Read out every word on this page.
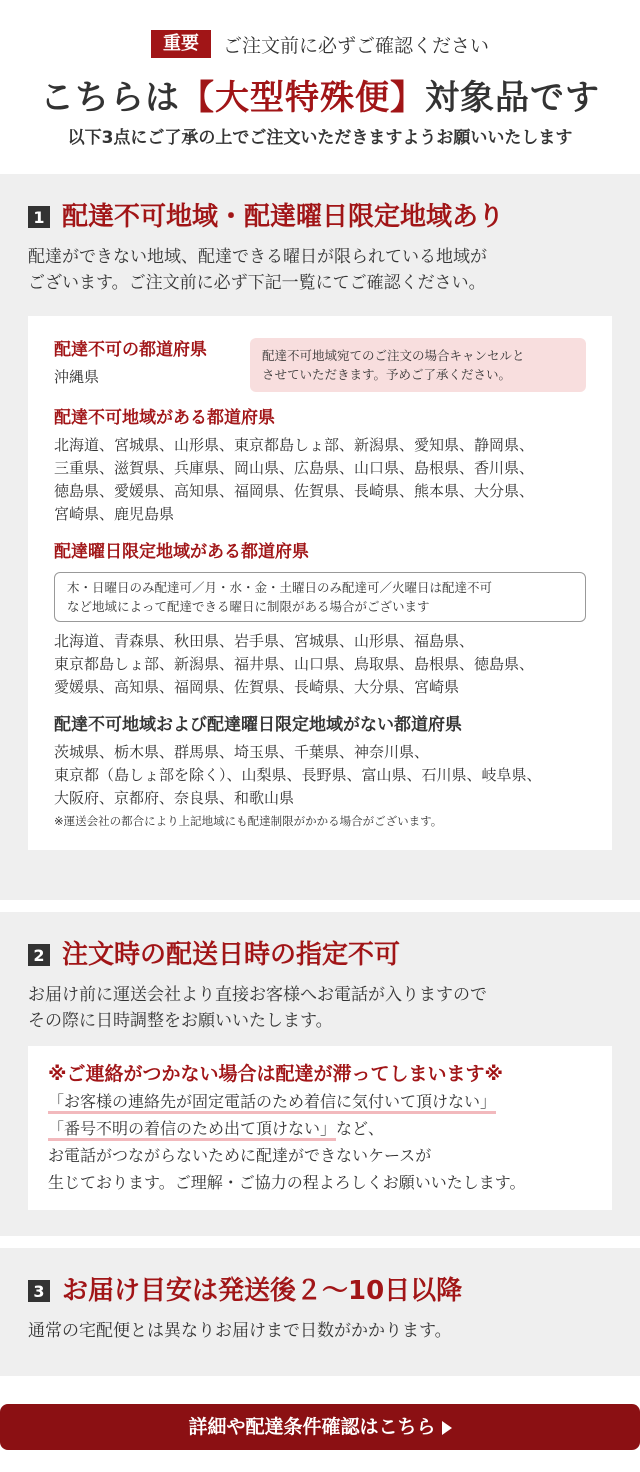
重要	ご注文前に必ずご確認ください
こちらは【大型特殊便】対象品です
以下3点にご了承の上でご注文いただきますようお願いいたします
1 配達不可地域・配達曜日限定地域あり
配達ができない地域、配達できる曜日が限られている地域が
ございます。ご注文前に必ず下記一覧にてご確認ください。
配達不可の都道府県
沖縄県
配達不可地域宛てのご注文の場合キャンセルと
させていただきます。予めご了承ください。
配達不可地域がある都道府県
北海道、宮城県、山形県、東京都島しょ部、新潟県、愛知県、静岡県、
三重県、滋賀県、兵庫県、岡山県、広島県、山口県、島根県、香川県、
徳島県、愛媛県、高知県、福岡県、佐賀県、長崎県、熊本県、大分県、
宮崎県、鹿児島県
配達曜日限定地域がある都道府県
木・日曜日のみ配達可／月・水・金・土曜日のみ配達可／火曜日は配達不可
など地域によって配達できる曜日に制限がある場合がございます
北海道、青森県、秋田県、岩手県、宮城県、山形県、福島県、
東京都島しょ部、新潟県、福井県、山口県、鳥取県、島根県、徳島県、
愛媛県、高知県、福岡県、佐賀県、長崎県、大分県、宮崎県
配達不可地域および配達曜日限定地域がない都道府県
茨城県、栃木県、群馬県、埼玉県、千葉県、神奈川県、
東京都（島しょ部を除く）、山梨県、長野県、富山県、石川県、岐阜県、
大阪府、京都府、奈良県、和歌山県
※運送会社の都合により上記地域にも配達制限がかかる場合がございます。
2 注文時の配送日時の指定不可
お届け前に運送会社より直接お客様へお電話が入りますので
その際に日時調整をお願いいたします。
※ご連絡がつかない場合は配達が滞ってしまいます※
「お客様の連絡先が固定電話のため着信に気付いて頂けない」
「番号不明の着信のため出て頂けない」など、
お電話がつながらないために配達ができないケースが
生じております。ご理解・ご協力の程よろしくお願いいたします。
3 お届け目安は発送後２～10日以降
通常の宅配便とは異なりお届けまで日数がかかります。
詳細や配達条件確認はこちら
